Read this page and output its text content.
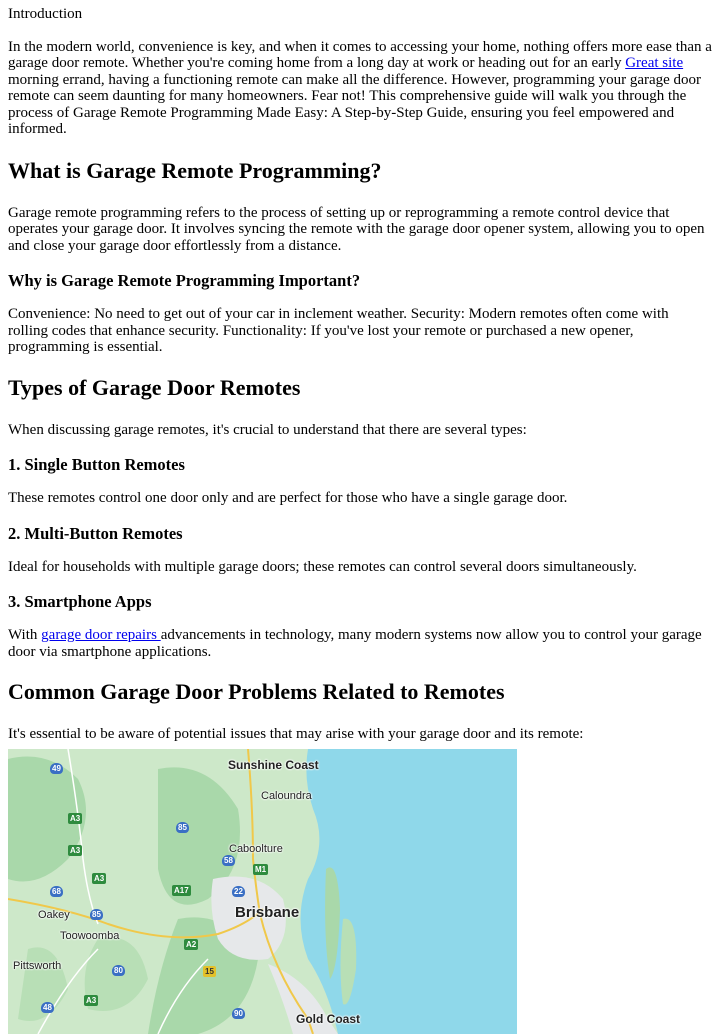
Introduction

In the modern world, convenience is key, and when it comes to accessing your home, nothing offers more ease than a garage door remote. Whether you're coming home from a long day at work or heading out for an early Great site morning errand, having a functioning remote can make all the difference. However, programming your garage door remote can seem daunting for many homeowners. Fear not! This comprehensive guide will walk you through the process of Garage Remote Programming Made Easy: A Step-by-Step Guide, ensuring you feel empowered and informed.

What is Garage Remote Programming?

Garage remote programming refers to the process of setting up or reprogramming a remote control device that operates your garage door. It involves syncing the remote with the garage door opener system, allowing you to open and close your garage door effortlessly from a distance.

Why is Garage Remote Programming Important?

Convenience: No need to get out of your car in inclement weather. Security: Modern remotes often come with rolling codes that enhance security. Functionality: If you've lost your remote or purchased a new opener, programming is essential.

Types of Garage Door Remotes

When discussing garage remotes, it's crucial to understand that there are several types:

1. Single Button Remotes

These remotes control one door only and are perfect for those who have a single garage door.

2. Multi-Button Remotes

Ideal for households with multiple garage doors; these remotes can control several doors simultaneously.

3. Smartphone Apps

With garage door repairs advancements in technology, many modern systems now allow you to control your garage door via smartphone applications.

Common Garage Door Problems Related to Remotes

It's essential to be aware of potential issues that may arise with your garage door and its remote:

Sunshine Coast
Caloundra
Caboolture
Brisbane
Oakey
Toowoomba
Pittsworth
Gold Coast
49
A3
A3
85
M1
58
A3
68	A17	22
85
A2
15
80
48
A3
90
